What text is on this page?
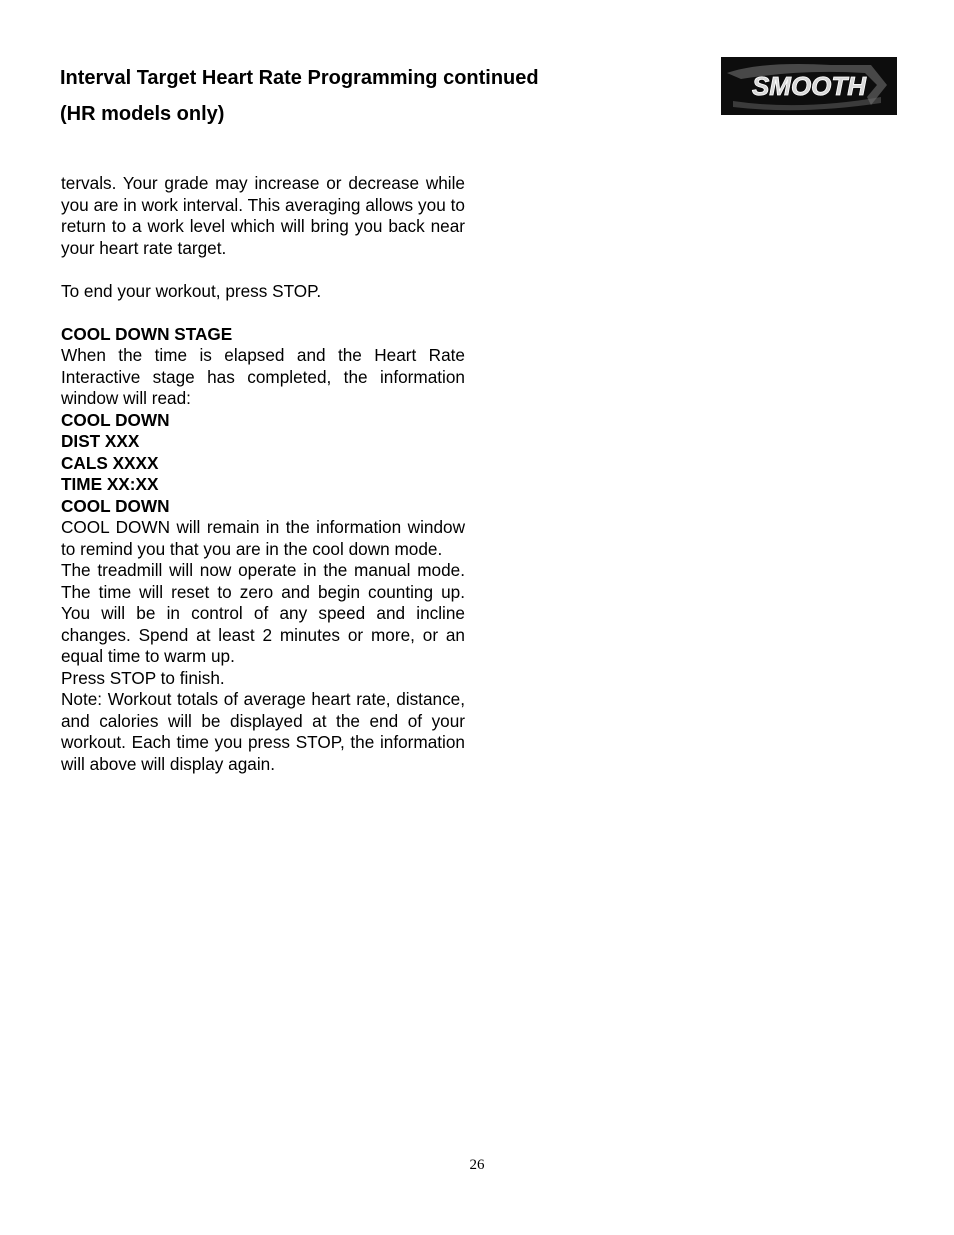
Interval Target Heart Rate Programming continued
(HR models only)
SMOOTH

tervals. Your grade may increase or decrease while you are in work interval. This averaging allows you to return to a work level which will bring you back near your heart rate target.

To end your workout, press STOP.

COOL DOWN STAGE

When the time is elapsed and the Heart Rate Interactive stage has completed, the information window will read:

COOL DOWN

DIST XXX

CALS XXXX

TIME XX:XX

COOL DOWN

COOL DOWN will remain in the information window to remind you that you are in the cool down mode.

The treadmill will now operate in the manual mode. The time will reset to zero and begin counting up. You will be in control of any speed and incline changes. Spend at least 2 minutes or more, or an equal time to warm up.

Press STOP to finish.

Note: Workout totals of average heart rate, distance, and calories will be displayed at the end of your workout. Each time you press STOP, the information will above will display again.

26
